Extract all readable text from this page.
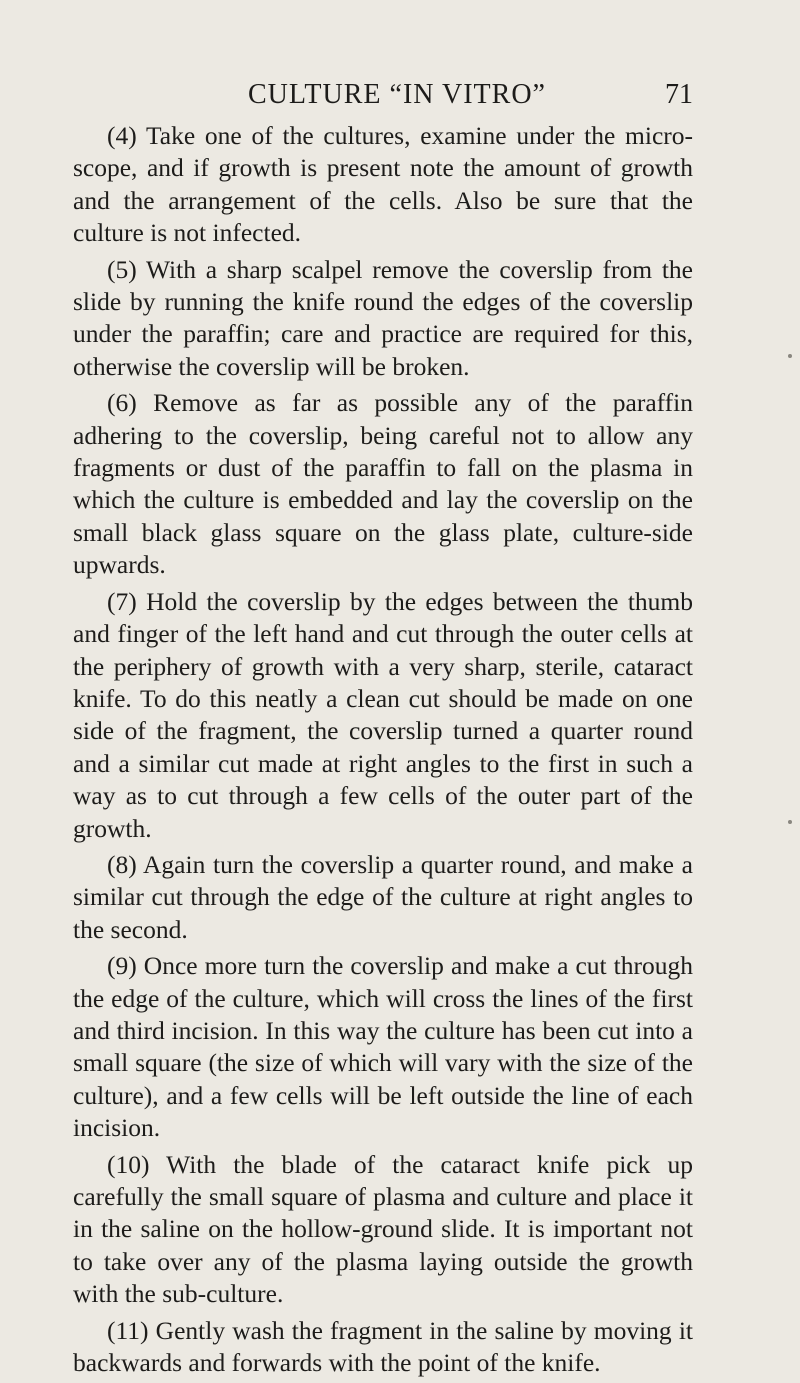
CULTURE “IN VITRO”	71

(4) Take one of the cultures, examine under the micro-scope, and if growth is present note the amount of growth and the arrangement of the cells. Also be sure that the culture is not infected.

(5) With a sharp scalpel remove the coverslip from the slide by running the knife round the edges of the coverslip under the paraffin; care and practice are required for this, otherwise the coverslip will be broken.

(6) Remove as far as possible any of the paraffin adhering to the coverslip, being careful not to allow any fragments or dust of the paraffin to fall on the plasma in which the culture is embedded and lay the coverslip on the small black glass square on the glass plate, culture-side upwards.

(7) Hold the coverslip by the edges between the thumb and finger of the left hand and cut through the outer cells at the periphery of growth with a very sharp, sterile, cataract knife. To do this neatly a clean cut should be made on one side of the fragment, the coverslip turned a quarter round and a similar cut made at right angles to the first in such a way as to cut through a few cells of the outer part of the growth.

(8) Again turn the coverslip a quarter round, and make a similar cut through the edge of the culture at right angles to the second.

(9) Once more turn the coverslip and make a cut through the edge of the culture, which will cross the lines of the first and third incision. In this way the culture has been cut into a small square (the size of which will vary with the size of the culture), and a few cells will be left outside the line of each incision.

(10) With the blade of the cataract knife pick up carefully the small square of plasma and culture and place it in the saline on the hollow-ground slide. It is important not to take over any of the plasma laying outside the growth with the sub-culture.

(11) Gently wash the fragment in the saline by moving it backwards and forwards with the point of the knife.
